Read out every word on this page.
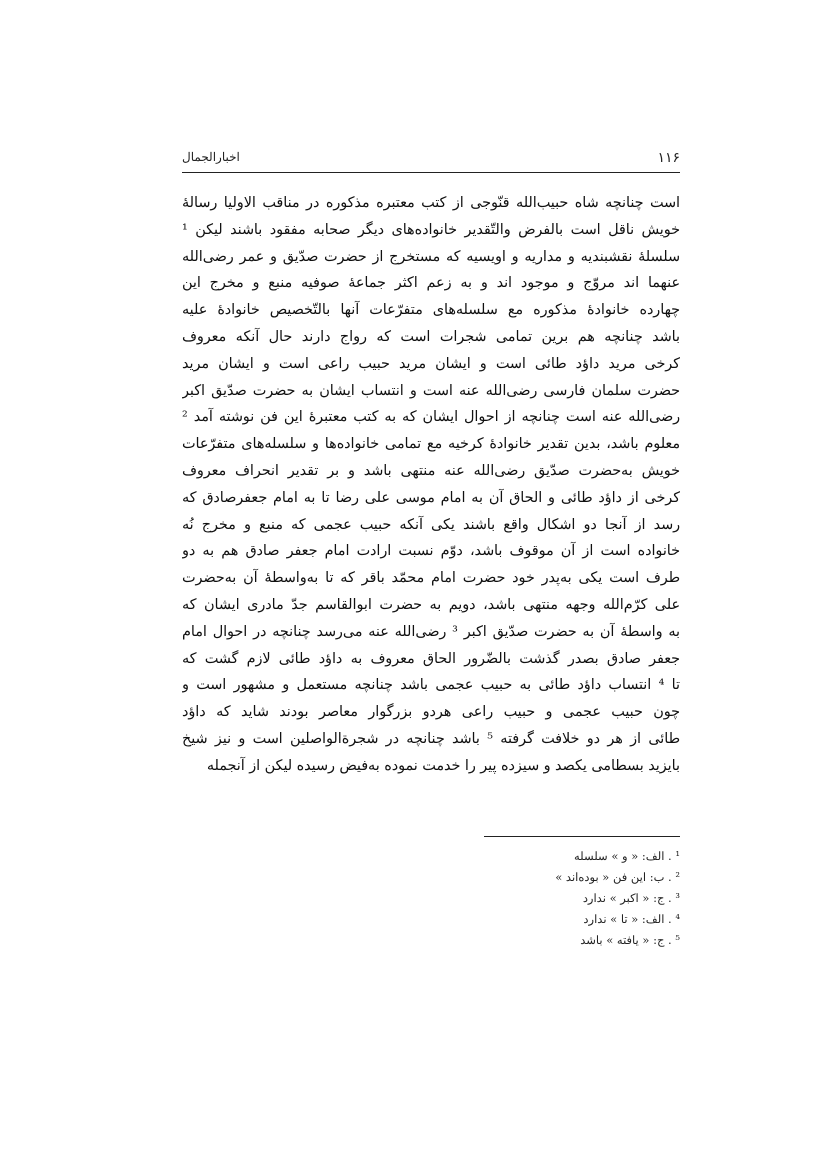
۱۱۶
اخبارالجمال
است چنانچه شاه حبیب‌الله قنّوجی از کتب معتبره مذکوره در مناقب الاولیا رسالهٔ
خویش ناقل است بالفرض والتّقدیر خانواده‌های دیگر صحابه مفقود باشند لیکن ¹
سلسلهٔ نقشبندیه و مداریه و اویسیه که مستخرج از حضرت صدّیق و عمر رضی‌الله
عنهما اند مروّج و موجود اند و به زعم اکثر جماعهٔ صوفیه منبع و مخرج این
چهارده خانوادهٔ مذکوره مع سلسله‌های متفرّعات آنها بالتّخصیص خانوادهٔ علیه
باشد چنانچه هم برین تمامی شجرات است که رواج دارند حال آنکه معروف
کرخی مرید داؤد طائی است و ایشان مرید حبیب راعی است و ایشان مرید
حضرت سلمان فارسی رضی‌الله عنه است و انتساب ایشان به حضرت صدّیق اکبر
رضی‌الله عنه است چنانچه از احوال ایشان که به کتب معتبرهٔ این فن نوشته آمد ²
معلوم باشد، بدین تقدیر خانوادهٔ کرخیه مع تمامی خانواده‌ها و سلسله‌های متفرّعات
خویش به‌حضرت صدّیق رضی‌الله عنه منتهی باشد و بر تقدیر انحراف معروف
کرخی از داؤد طائی و الحاق آن به امام موسی علی رضا تا به امام جعفرصادق که
رسد از آنجا دو اشکال واقع باشند یکی آنکه حبیب عجمی که منبع و مخرج نُه
خانواده است از آن موقوف باشد، دوّم نسبت ارادت امام جعفر صادق هم به دو
طرف است یکی به‌پدر خود حضرت امام محمّد باقر که تا به‌واسطهٔ آن به‌حضرت
علی کرّم‌الله وجهه منتهی باشد، دویم به حضرت ابوالقاسم جدّ مادری ایشان که
به واسطهٔ آن به حضرت صدّیق اکبر ³ رضی‌الله عنه می‌رسد چنانچه در احوال امام
جعفر صادق بصدر گذشت بالضّرور الحاق معروف به داؤد طائی لازم گشت که
تا ⁴ انتساب داؤد طائی به حبیب عجمی باشد چنانچه مستعمل و مشهور است و
چون حبیب عجمی و حبیب راعی هردو بزرگوار معاصر بودند شاید که داؤد
طائی از هر دو خلافت گرفته ⁵ باشد چنانچه در شجرةالواصلین است و نیز شیخ
بایزید بسطامی یکصد و سیزده پیر را خدمت نموده به‌فیض رسیده لیکن از آنجمله
¹ . الف: « و » سلسله
² . ب: این فن « بوده‌اند »
³ . ج: « اکبر » ندارد
⁴ . الف: « تا » ندارد
⁵ . ج: « یافته » باشد
